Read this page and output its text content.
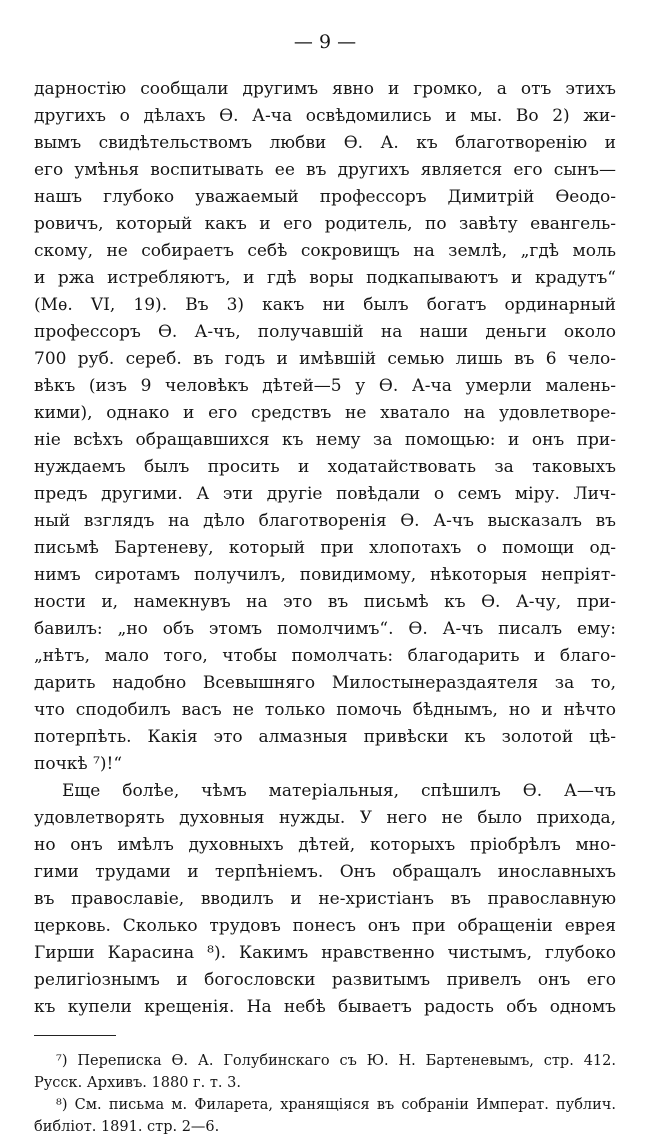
— 9 —
дарностію сообщали другимъ явно и громко, а отъ этихъ
другихъ о дѣлахъ Ѳ. А-ча освѣдомились и мы. Во 2) жи-
вымъ свидѣтельствомъ любви Ѳ. А. къ благотворенію и
его умѣнья воспитывать ее въ другихъ является его сынъ—
нашъ глубоко уважаемый профессоръ Димитрій Ѳеодо-
ровичъ, который какъ и его родитель, по завѣту евангель-
скому, не собираетъ себѣ сокровищъ на землѣ, „гдѣ моль
и ржа истребляютъ, и гдѣ воры подкапываютъ и крадутъ“
(Мѳ. VI, 19). Въ 3) какъ ни былъ богатъ ординарный
профессоръ Ѳ. А-чъ, получавшій на наши деньги около
700 руб. сереб. въ годъ и имѣвшій семью лишь въ 6 чело-
вѣкъ (изъ 9 человѣкъ дѣтей—5 у Ѳ. А-ча умерли малень-
кими), однако и его средствъ не хватало на удовлетворе-
ніе всѣхъ обращавшихся къ нему за помощью: и онъ при-
нуждаемъ былъ просить и ходатайствовать за таковыхъ
предъ другими. А эти другіе повѣдали о семъ міру. Лич-
ный взглядъ на дѣло благотворенія Ѳ. А-чъ высказалъ въ
письмѣ Бартеневу, который при хлопотахъ о помощи од-
нимъ сиротамъ получилъ, повидимому, нѣкоторыя непріят-
ности и, намекнувъ на это въ письмѣ къ Ѳ. А-чу, при-
бавилъ: „но объ этомъ помолчимъ“. Ѳ. А-чъ писалъ ему:
„нѣтъ, мало того, чтобы помолчать: благодарить и благо-
дарить надобно Всевышняго Милостынераздаятеля за то,
что сподобилъ васъ не только помочь бѣднымъ, но и нѣчто
потерпѣть. Какія это алмазныя привѣски къ золотой цѣ-
почкѣ ⁷)!“
Еще болѣе, чѣмъ матеріальныя, спѣшилъ Ѳ. А—чъ
удовлетворять духовныя нужды. У него не было прихода,
но онъ имѣлъ духовныхъ дѣтей, которыхъ пріобрѣлъ мно-
гими трудами и терпѣніемъ. Онъ обращалъ инославныхъ
въ православіе, вводилъ и не-христіанъ въ православную
церковь. Сколько трудовъ понесъ онъ при обращеніи еврея
Гирши Карасина ⁸). Какимъ нравственно чистымъ, глубоко
религіознымъ и богословски развитымъ привелъ онъ его
къ купели крещенія. На небѣ бываетъ радость объ одномъ
⁷) Переписка Ѳ. А. Голубинскаго съ Ю. Н. Бартеневымъ, стр. 412.
Русск. Архивъ. 1880 г. т. 3.
⁸) См. письма м. Филарета, хранящіяся въ собраніи Императ. публич.
библіот. 1891. стр. 2—6.
